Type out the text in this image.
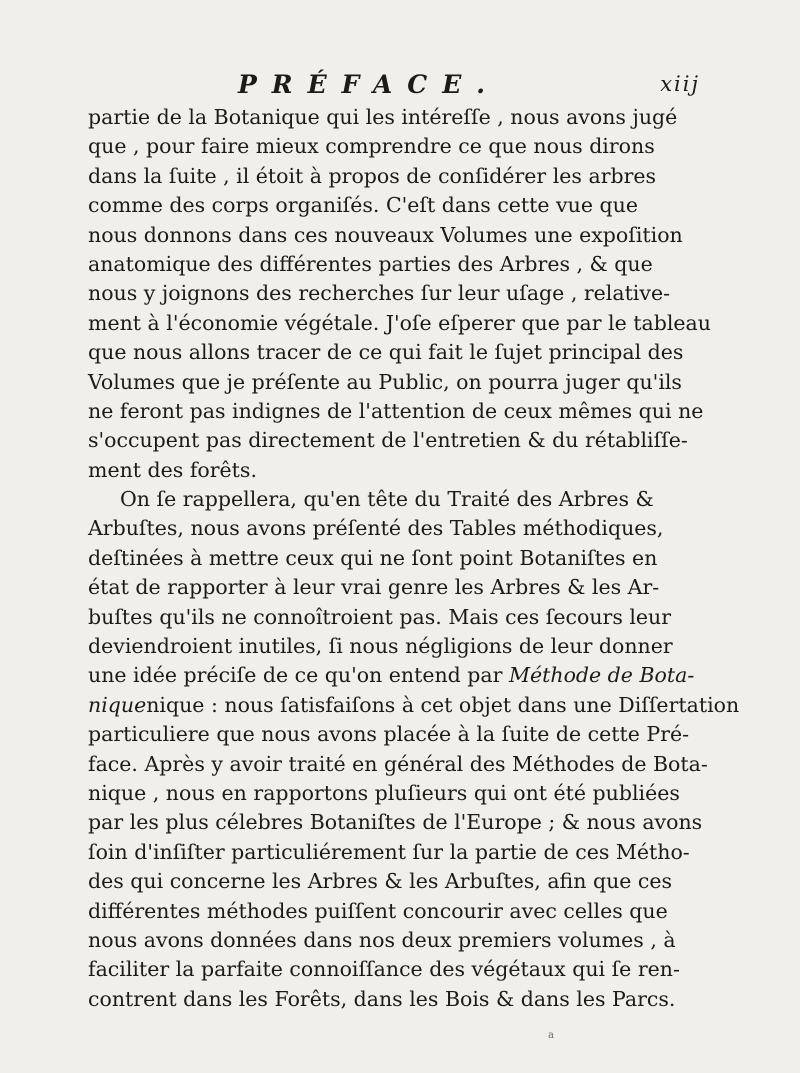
PRÉFACE.	xiij
partie de la Botanique qui les intéreſſe , nous avons jugé
que , pour faire mieux comprendre ce que nous dirons
dans la ſuite , il étoit à propos de conſidérer les arbres
comme des corps organiſés. C'eſt dans cette vue que
nous donnons dans ces nouveaux Volumes une expoſition
anatomique des différentes parties des Arbres , & que
nous y joignons des recherches ſur leur uſage , relative-
ment à l'économie végétale. J'oſe eſperer que par le tableau
que nous allons tracer de ce qui fait le ſujet principal des
Volumes que je préſente au Public, on pourra juger qu'ils
ne feront pas indignes de l'attention de ceux mêmes qui ne
s'occupent pas directement de l'entretien & du rétabliſſe-
ment des forêts.
On ſe rappellera, qu'en tête du Traité des Arbres &
Arbuſtes, nous avons préſenté des Tables méthodiques,
deſtinées à mettre ceux qui ne ſont point Botaniſtes en
état de rapporter à leur vrai genre les Arbres & les Ar-
buſtes qu'ils ne connoîtroient pas. Mais ces ſecours leur
deviendroient inutiles, ſi nous négligions de leur donner
une idée préciſe de ce qu'on entend par Méthode de Bota-
niquenique : nous ſatisfaiſons à cet objet dans une Diſſertation
particuliere que nous avons placée à la ſuite de cette Pré-
face. Après y avoir traité en général des Méthodes de Bota-
nique , nous en rapportons pluſieurs qui ont été publiées
par les plus célebres Botaniſtes de l'Europe ; & nous avons
ſoin d'inſiſter particuliérement ſur la partie de ces Métho-
des qui concerne les Arbres & les Arbuſtes, afin que ces
différentes méthodes puiſſent concourir avec celles que
nous avons données dans nos deux premiers volumes , à
faciliter la parfaite connoiſſance des végétaux qui ſe ren-
contrent dans les Forêts, dans les Bois & dans les Parcs.
a
